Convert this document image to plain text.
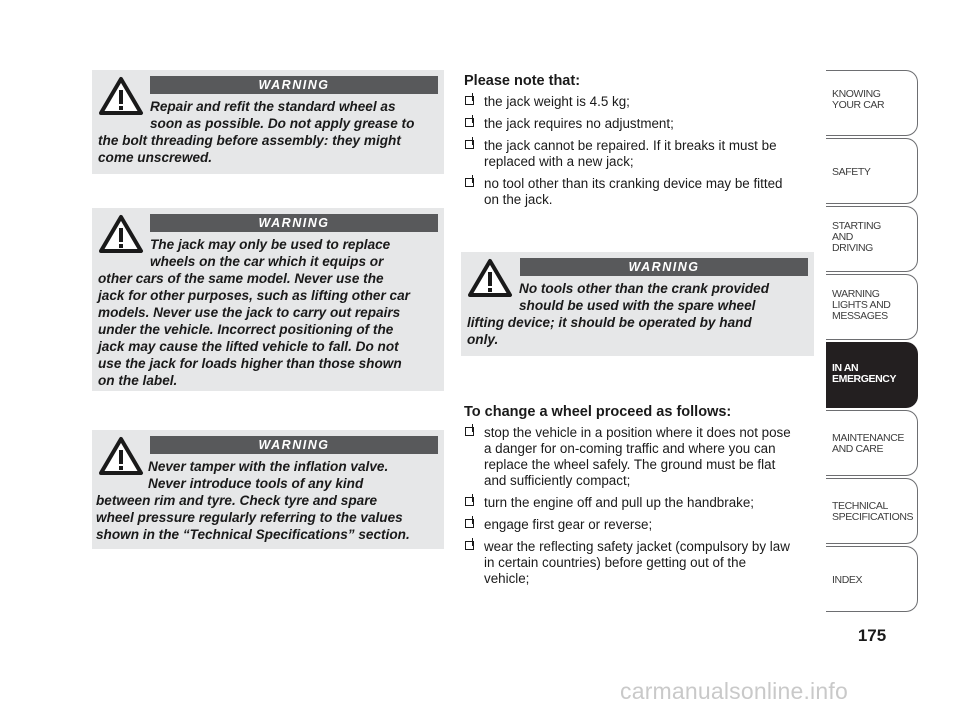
WARNING
Repair and refit the standard wheel as
soon as possible. Do not apply grease to
the bolt threading before assembly: they might
come unscrewed.
WARNING
The jack may only be used to replace
wheels on the car which it equips or
other cars of the same model. Never use the
jack for other purposes, such as lifting other car
models. Never use the jack to carry out repairs
under the vehicle. Incorrect positioning of the
jack may cause the lifted vehicle to fall. Do not
use the jack for loads higher than those shown
on the label.
WARNING
Never tamper with the inflation valve.
Never introduce tools of any kind
between rim and tyre. Check tyre and spare
wheel pressure regularly referring to the values
shown in the “Technical Specifications” section.
Please note that:
the jack weight is 4.5 kg;
the jack requires no adjustment;
the jack cannot be repaired. If it breaks it must be
replaced with a new jack;
no tool other than its cranking device may be fitted
on the jack.
WARNING
No tools other than the crank provided
should be used with the spare wheel
lifting device; it should be operated by hand
only.
To change a wheel proceed as follows:
stop the vehicle in a position where it does not pose
a danger for on-coming traffic and where you can
replace the wheel safely. The ground must be flat
and sufficiently compact;
turn the engine off and pull up the handbrake;
engage first gear or reverse;
wear the reflecting safety jacket (compulsory by law
in certain countries) before getting out of the
vehicle;
KNOWING
YOUR CAR
SAFETY
STARTING
AND
DRIVING
WARNING
LIGHTS AND
MESSAGES
IN AN
EMERGENCY
MAINTENANCE
AND CARE
TECHNICAL
SPECIFICATIONS
INDEX
175
carmanualsonline.info
